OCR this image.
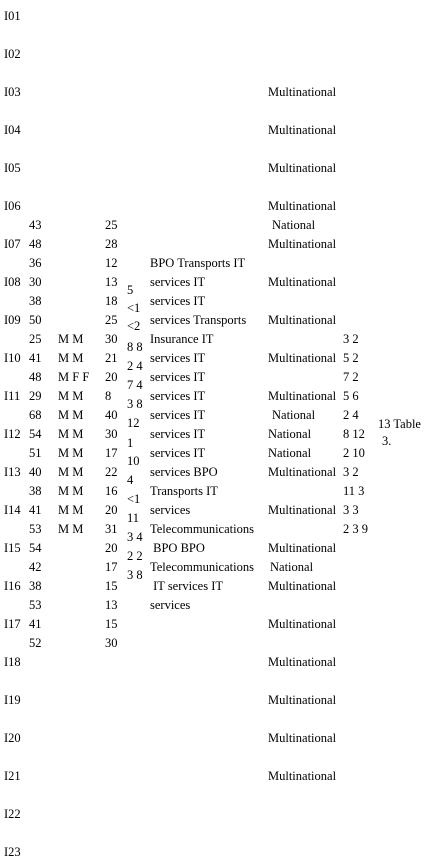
I01
I02
I03
I04
I05
I06
I07
I08
I09
I10
I11
I12
I13
I14
I15
I16
I17
I18
I19
I20
I21
I22
I23
43
48
36
30
38
50
25
41
48
29
68
54
51
40
38
41
53
54
42
38
53
41
52
M M
M M
M F F
M M
M M
M M
M M
M M
M M
M M
M M
25
28
12
13
18
25
30
21
20
8
40
30
17
22
16
20
31
20
17
15
13
15
30
5
<1
<2
8 8
2 4
7 4
3 8
12
1
10
4
<1
11
3 4
2 2
3 8
BPO Transports IT
services IT
services IT
services Transports
Insurance IT
services IT
services IT
services IT
services IT
services IT
services IT
services BPO
Transports IT
services
Telecommunications
BPO BPO
Telecommunications
IT services IT
services
Multinational
Multinational
Multinational
Multinational
National
Multinational
Multinational
Multinational
Multinational
Multinational
National
National
National
Multinational
Multinational
Multinational
National
Multinational
Multinational
Multinational
Multinational
Multinational
Multinational
3 2
5 2
7 2
5 6
2 4
8 12
2 10
3 2
11 3
3 3
2 3 9
13 Table
3.
